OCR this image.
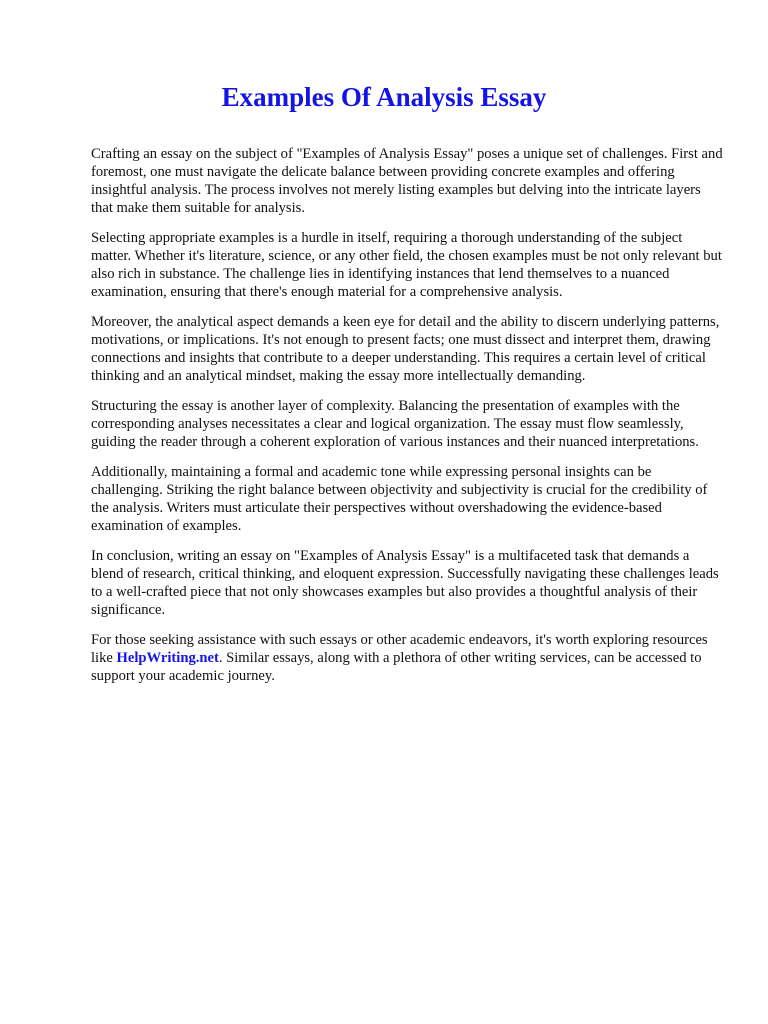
Examples Of Analysis Essay

Crafting an essay on the subject of "Examples of Analysis Essay" poses a unique set of challenges. First and foremost, one must navigate the delicate balance between providing concrete examples and offering insightful analysis. The process involves not merely listing examples but delving into the intricate layers that make them suitable for analysis.

Selecting appropriate examples is a hurdle in itself, requiring a thorough understanding of the subject matter. Whether it's literature, science, or any other field, the chosen examples must be not only relevant but also rich in substance. The challenge lies in identifying instances that lend themselves to a nuanced examination, ensuring that there's enough material for a comprehensive analysis.

Moreover, the analytical aspect demands a keen eye for detail and the ability to discern underlying patterns, motivations, or implications. It's not enough to present facts; one must dissect and interpret them, drawing connections and insights that contribute to a deeper understanding. This requires a certain level of critical thinking and an analytical mindset, making the essay more intellectually demanding.

Structuring the essay is another layer of complexity. Balancing the presentation of examples with the corresponding analyses necessitates a clear and logical organization. The essay must flow seamlessly, guiding the reader through a coherent exploration of various instances and their nuanced interpretations.

Additionally, maintaining a formal and academic tone while expressing personal insights can be challenging. Striking the right balance between objectivity and subjectivity is crucial for the credibility of the analysis. Writers must articulate their perspectives without overshadowing the evidence-based examination of examples.

In conclusion, writing an essay on "Examples of Analysis Essay" is a multifaceted task that demands a blend of research, critical thinking, and eloquent expression. Successfully navigating these challenges leads to a well-crafted piece that not only showcases examples but also provides a thoughtful analysis of their significance.

For those seeking assistance with such essays or other academic endeavors, it's worth exploring resources like HelpWriting.net. Similar essays, along with a plethora of other writing services, can be accessed to support your academic journey.
